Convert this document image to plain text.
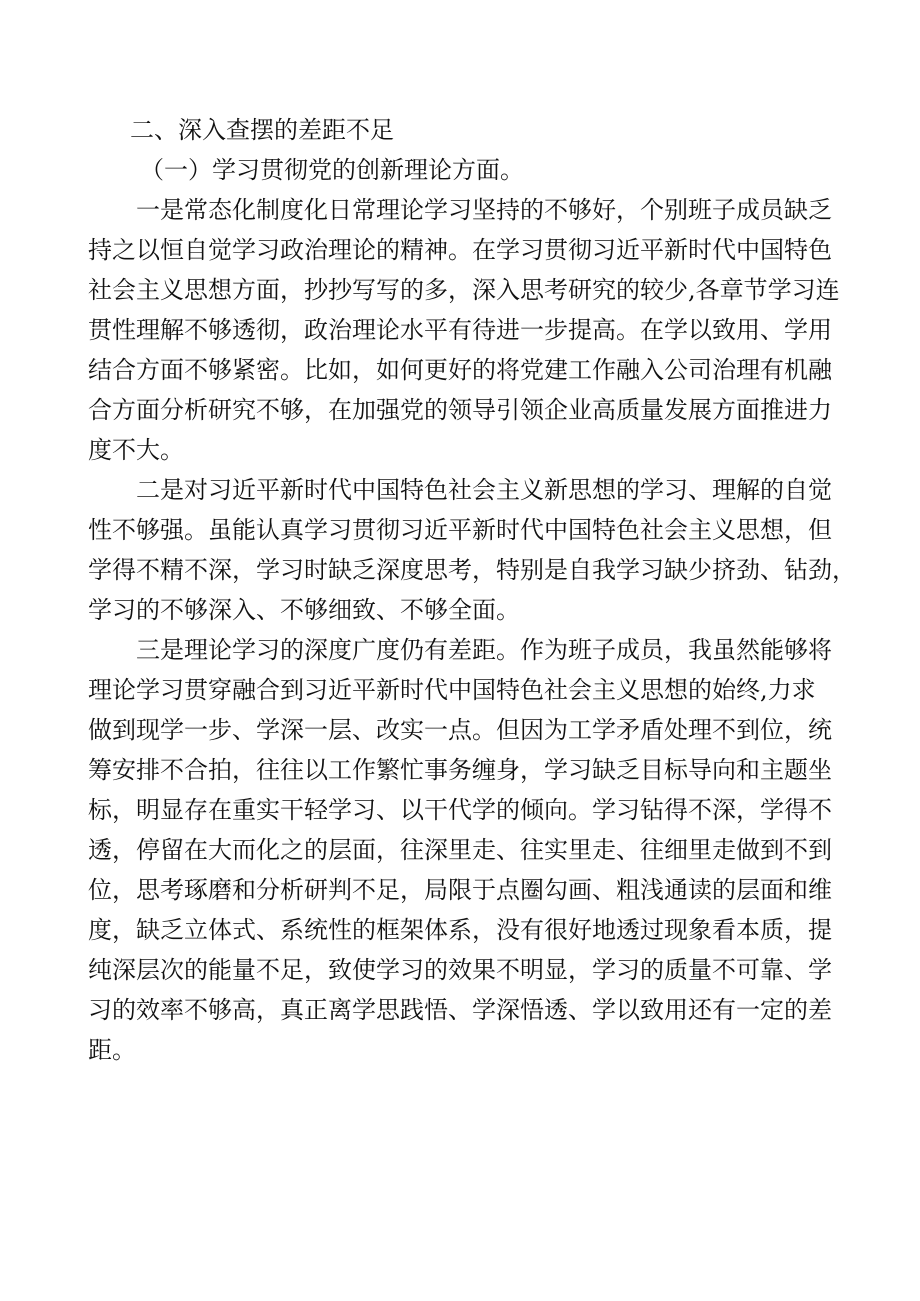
二、深入查摆的差距不足
（一）学习贯彻党的创新理论方面。
一是常态化制度化日常理论学习坚持的不够好，个别班子成员缺乏
持之以恒自觉学习政治理论的精神。在学习贯彻习近平新时代中国特色
社会主义思想方面，抄抄写写的多，深入思考研究的较少,各章节学习连
贯性理解不够透彻，政治理论水平有待进一步提高。在学以致用、学用
结合方面不够紧密。比如，如何更好的将党建工作融入公司治理有机融
合方面分析研究不够，在加强党的领导引领企业高质量发展方面推进力
度不大。
二是对习近平新时代中国特色社会主义新思想的学习、理解的自觉
性不够强。虽能认真学习贯彻习近平新时代中国特色社会主义思想，但
学得不精不深，学习时缺乏深度思考，特别是自我学习缺少挤劲、钻劲，
学习的不够深入、不够细致、不够全面。
三是理论学习的深度广度仍有差距。作为班子成员，我虽然能够将
理论学习贯穿融合到习近平新时代中国特色社会主义思想的始终,力求
做到现学一步、学深一层、改实一点。但因为工学矛盾处理不到位，统
筹安排不合拍，往往以工作繁忙事务缠身，学习缺乏目标导向和主题坐
标，明显存在重实干轻学习、以干代学的倾向。学习钻得不深，学得不
透，停留在大而化之的层面，往深里走、往实里走、往细里走做到不到
位，思考琢磨和分析研判不足，局限于点圈勾画、粗浅通读的层面和维
度，缺乏立体式、系统性的框架体系，没有很好地透过现象看本质，提
纯深层次的能量不足，致使学习的效果不明显，学习的质量不可靠、学
习的效率不够高，真正离学思践悟、学深悟透、学以致用还有一定的差
距。
